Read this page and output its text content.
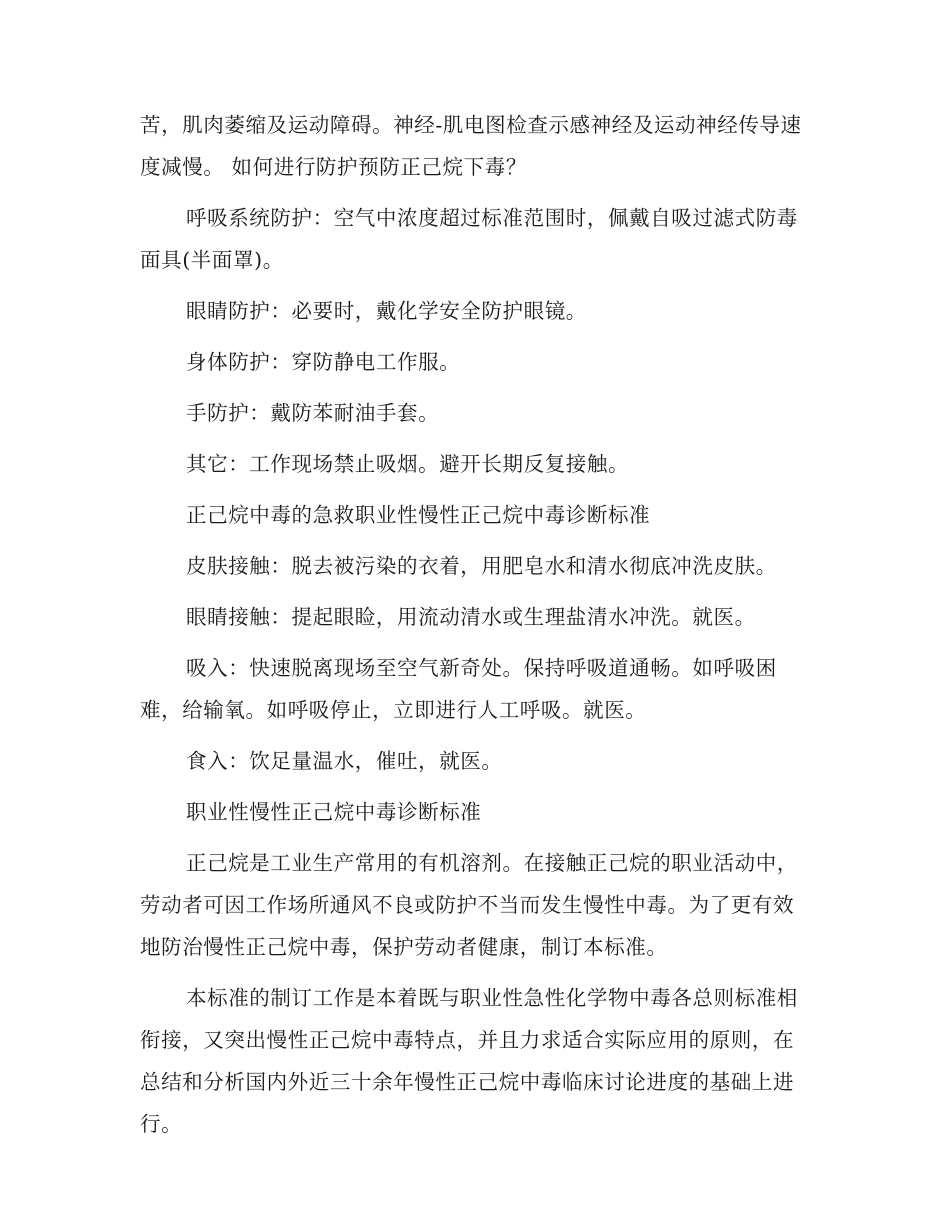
苦，肌肉萎缩及运动障碍。神经-肌电图检查示感神经及运动神经传导速度减慢。 如何进行防护预防正己烷下毒？

呼吸系统防护：空气中浓度超过标准范围时，佩戴自吸过滤式防毒面具(半面罩)。

眼睛防护：必要时，戴化学安全防护眼镜。

身体防护：穿防静电工作服。

手防护：戴防苯耐油手套。

其它：工作现场禁止吸烟。避开长期反复接触。

正己烷中毒的急救职业性慢性正己烷中毒诊断标准

皮肤接触：脱去被污染的衣着，用肥皂水和清水彻底冲洗皮肤。

眼睛接触：提起眼睑，用流动清水或生理盐清水冲洗。就医。

吸入：快速脱离现场至空气新奇处。保持呼吸道通畅。如呼吸困难，给输氧。如呼吸停止，立即进行人工呼吸。就医。

食入：饮足量温水，催吐，就医。

职业性慢性正己烷中毒诊断标准

正己烷是工业生产常用的有机溶剂。在接触正己烷的职业活动中，劳动者可因工作场所通风不良或防护不当而发生慢性中毒。为了更有效地防治慢性正己烷中毒，保护劳动者健康，制订本标准。

本标准的制订工作是本着既与职业性急性化学物中毒各总则标准相衔接，又突出慢性正己烷中毒特点，并且力求适合实际应用的原则，在总结和分析国内外近三十余年慢性正己烷中毒临床讨论进度的基础上进行。
